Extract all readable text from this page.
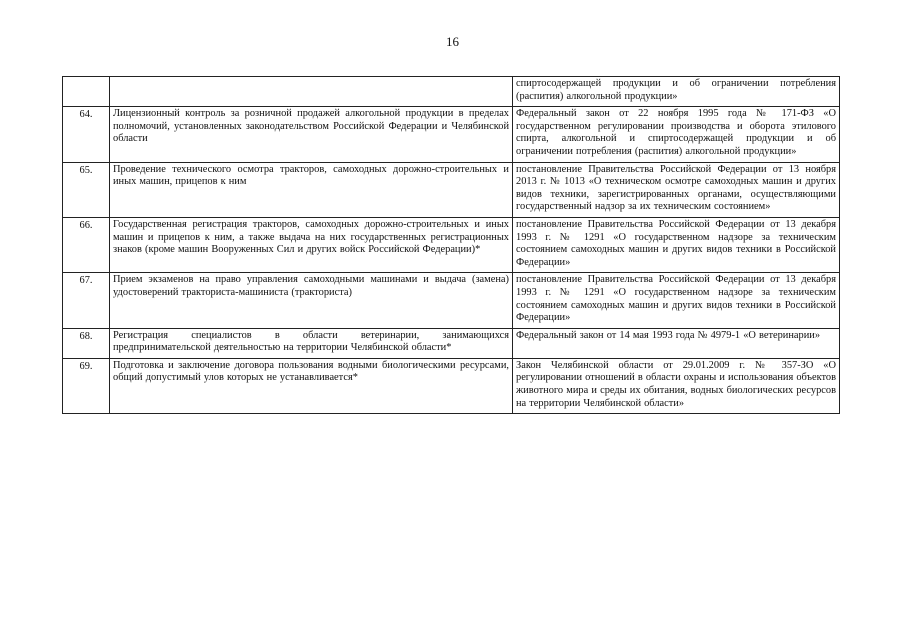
16
		спиртосодержащей продукции и об ограничении потребления (распития) алкогольной продукции»
64.	Лицензионный контроль за розничной продажей алкогольной продукции в пределах полномочий, установленных законодательством Российской Федерации и Челябинской области	Федеральный закон от 22 ноября 1995 года № 171-ФЗ «О государственном регулировании производства и оборота этилового спирта, алкогольной и спиртосодержащей продукции и об ограничении потребления (распития) алкогольной продукции»
65.	Проведение технического осмотра тракторов, самоходных дорожно-строительных и иных машин, прицепов к ним	постановление Правительства Российской Федерации от 13 ноября 2013 г. № 1013 «О техническом осмотре самоходных машин и других видов техники, зарегистрированных органами, осуществляющими государственный надзор за их техническим состоянием»
66.	Государственная регистрация тракторов, самоходных дорожно-строительных и иных машин и прицепов к ним, а также выдача на них государственных регистрационных знаков (кроме машин Вооруженных Сил и других войск Российской Федерации)*	постановление Правительства Российской Федерации от 13 декабря 1993 г. № 1291 «О государственном надзоре за техническим состоянием самоходных машин и других видов техники в Российской Федерации»
67.	Прием экзаменов на право управления самоходными машинами и выдача (замена) удостоверений тракториста-машиниста (тракториста)	постановление Правительства Российской Федерации от 13 декабря 1993 г. № 1291 «О государственном надзоре за техническим состоянием самоходных машин и других видов техники в Российской Федерации»
68.	Регистрация специалистов в области ветеринарии, занимающихся предпринимательской деятельностью на территории Челябинской области*	Федеральный закон от 14 мая 1993 года № 4979-1 «О ветеринарии»
69.	Подготовка и заключение договора пользования водными биологическими ресурсами, общий допустимый улов которых не устанавливается*	Закон Челябинской области от 29.01.2009 г. № 357-ЗО «О регулировании отношений в области охраны и использования объектов животного мира и среды их обитания, водных биологических ресурсов на территории Челябинской области»
